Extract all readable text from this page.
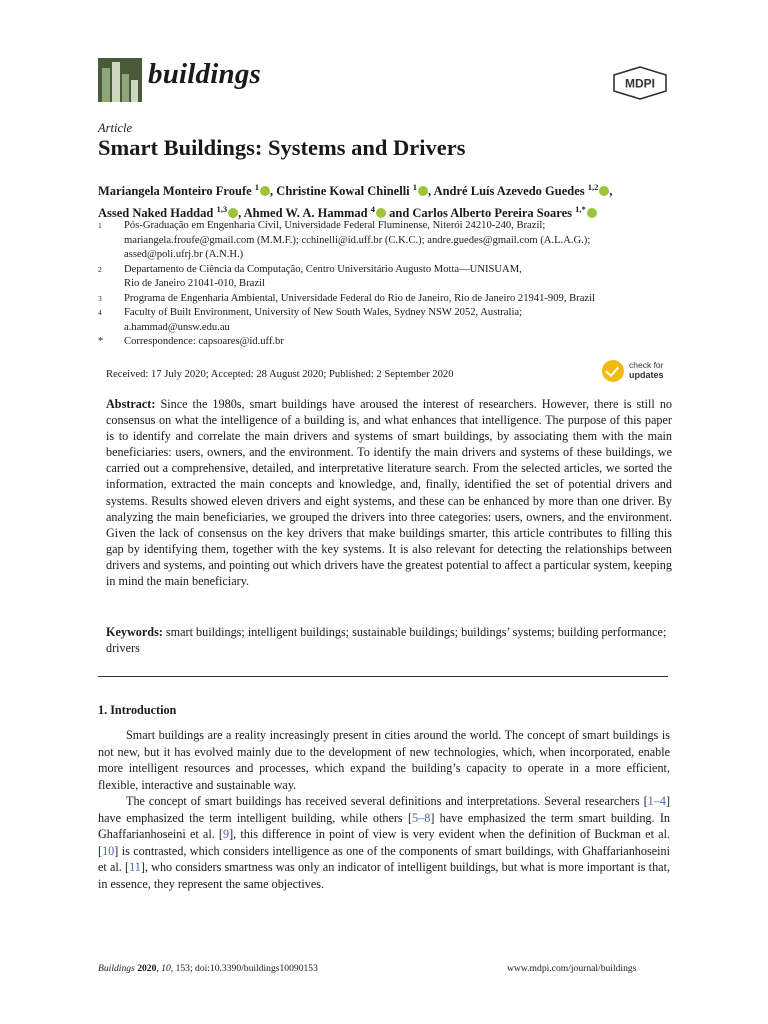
buildings	MDPI
Article
Smart Buildings: Systems and Drivers
Mariangela Monteiro Froufe $^1$ , Christine Kowal Chinelli $^1$ , André Luís Azevedo Guedes $^{1,2}$ ,
Assed Naked Haddad $^{1,3}$ , Ahmed W. A. Hammad $^4$ and Carlos Alberto Pereira Soares $^{1,*}$
1	Pós-Graduação em Engenharia Civil, Universidade Federal Fluminense, Niterói 24210-240, Brazil;
mariangela.froufe@gmail.com (M.M.F.); cchinelli@id.uff.br (C.K.C.); andre.guedes@gmail.com (A.L.A.G.);
assed@poli.ufrj.br (A.N.H.)
2	Departamento de Ciência da Computação, Centro Universitário Augusto Motta—UNISUAM,
Rio de Janeiro 21041-010, Brazil
3	Programa de Engenharia Ambiental, Universidade Federal do Rio de Janeiro, Rio de Janeiro 21941-909, Brazil
4	Faculty of Built Environment, University of New South Wales, Sydney NSW 2052, Australia;
a.hammad@unsw.edu.au
*	Correspondence: capsoares@id.uff.br
Received: 17 July 2020; Accepted: 28 August 2020; Published: 2 September 2020
check for
updates
Abstract: Since the 1980s, smart buildings have aroused the interest of researchers. However, there is still no consensus on what the intelligence of a building is, and what enhances that intelligence. The purpose of this paper is to identify and correlate the main drivers and systems of smart buildings, by associating them with the main beneficiaries: users, owners, and the environment. To identify the main drivers and systems of these buildings, we carried out a comprehensive, detailed, and interpretative literature search. From the selected articles, we sorted the information, extracted the main concepts and knowledge, and, finally, identified the set of potential drivers and systems. Results showed eleven drivers and eight systems, and these can be enhanced by more than one driver. By analyzing the main beneficiaries, we grouped the drivers into three categories: users, owners, and the environment. Given the lack of consensus on the key drivers that make buildings smarter, this article contributes to filling this gap by identifying them, together with the key systems. It is also relevant for detecting the relationships between drivers and systems, and pointing out which drivers have the greatest potential to affect a particular system, keeping in mind the main beneficiary.
Keywords: smart buildings; intelligent buildings; sustainable buildings; buildings’ systems; building performance; drivers
1. Introduction

Smart buildings are a reality increasingly present in cities around the world. The concept of smart buildings is not new, but it has evolved mainly due to the development of new technologies, which, when incorporated, enable more intelligent resources and processes, which expand the building’s capacity to operate in a more efficient, flexible, interactive and sustainable way.

The concept of smart buildings has received several definitions and interpretations. Several researchers [1–4] have emphasized the term intelligent building, while others [5–8] have emphasized the term smart building. In Ghaffarianhoseini et al. [9], this difference in point of view is very evident when the definition of Buckman et al. [10] is contrasted, which considers intelligence as one of the components of smart buildings, with Ghaffarianhoseini et al. [11], who considers smartness was only an indicator of intelligent buildings, but what is more important is that, in essence, they represent the same objectives.

Buildings 2020, 10, 153; doi:10.3390/buildings10090153	www.mdpi.com/journal/buildings
